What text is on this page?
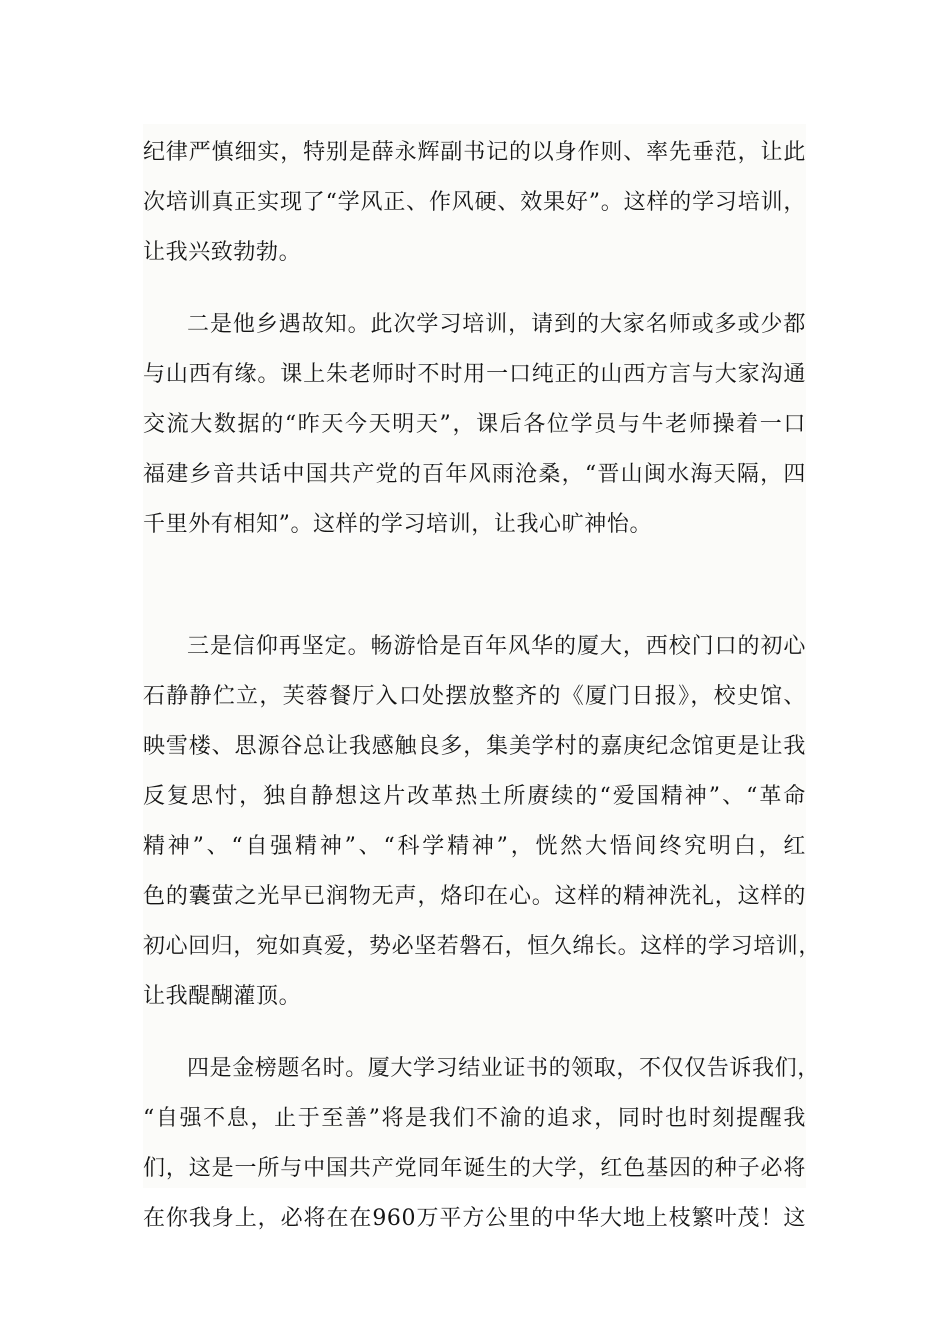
纪律严慎细实，特别是薛永辉副书记的以身作则、率先垂范，让此
次培训真正实现了“学风正、作风硬、效果好”。这样的学习培训，
让我兴致勃勃。
二是他乡遇故知。此次学习培训，请到的大家名师或多或少都
与山西有缘。课上朱老师时不时用一口纯正的山西方言与大家沟通
交流大数据的“昨天今天明天”，课后各位学员与牛老师操着一口
福建乡音共话中国共产党的百年风雨沧桑，“晋山闽水海天隔，四
千里外有相知”。这样的学习培训，让我心旷神怡。
三是信仰再坚定。畅游恰是百年风华的厦大，西校门口的初心
石静静伫立，芙蓉餐厅入口处摆放整齐的《厦门日报》，校史馆、
映雪楼、思源谷总让我感触良多，集美学村的嘉庚纪念馆更是让我
反复思忖，独自静想这片改革热土所赓续的“爱国精神”、“革命
精神”、“自强精神”、“科学精神”，恍然大悟间终究明白，红
色的囊萤之光早已润物无声，烙印在心。这样的精神洗礼，这样的
初心回归，宛如真爱，势必坚若磐石，恒久绵长。这样的学习培训，
让我醍醐灌顶。
四是金榜题名时。厦大学习结业证书的领取，不仅仅告诉我们，
“自强不息，止于至善”将是我们不渝的追求，同时也时刻提醒我
们，这是一所与中国共产党同年诞生的大学，红色基因的种子必将
在你我身上，必将在在960万平方公里的中华大地上枝繁叶茂！这
